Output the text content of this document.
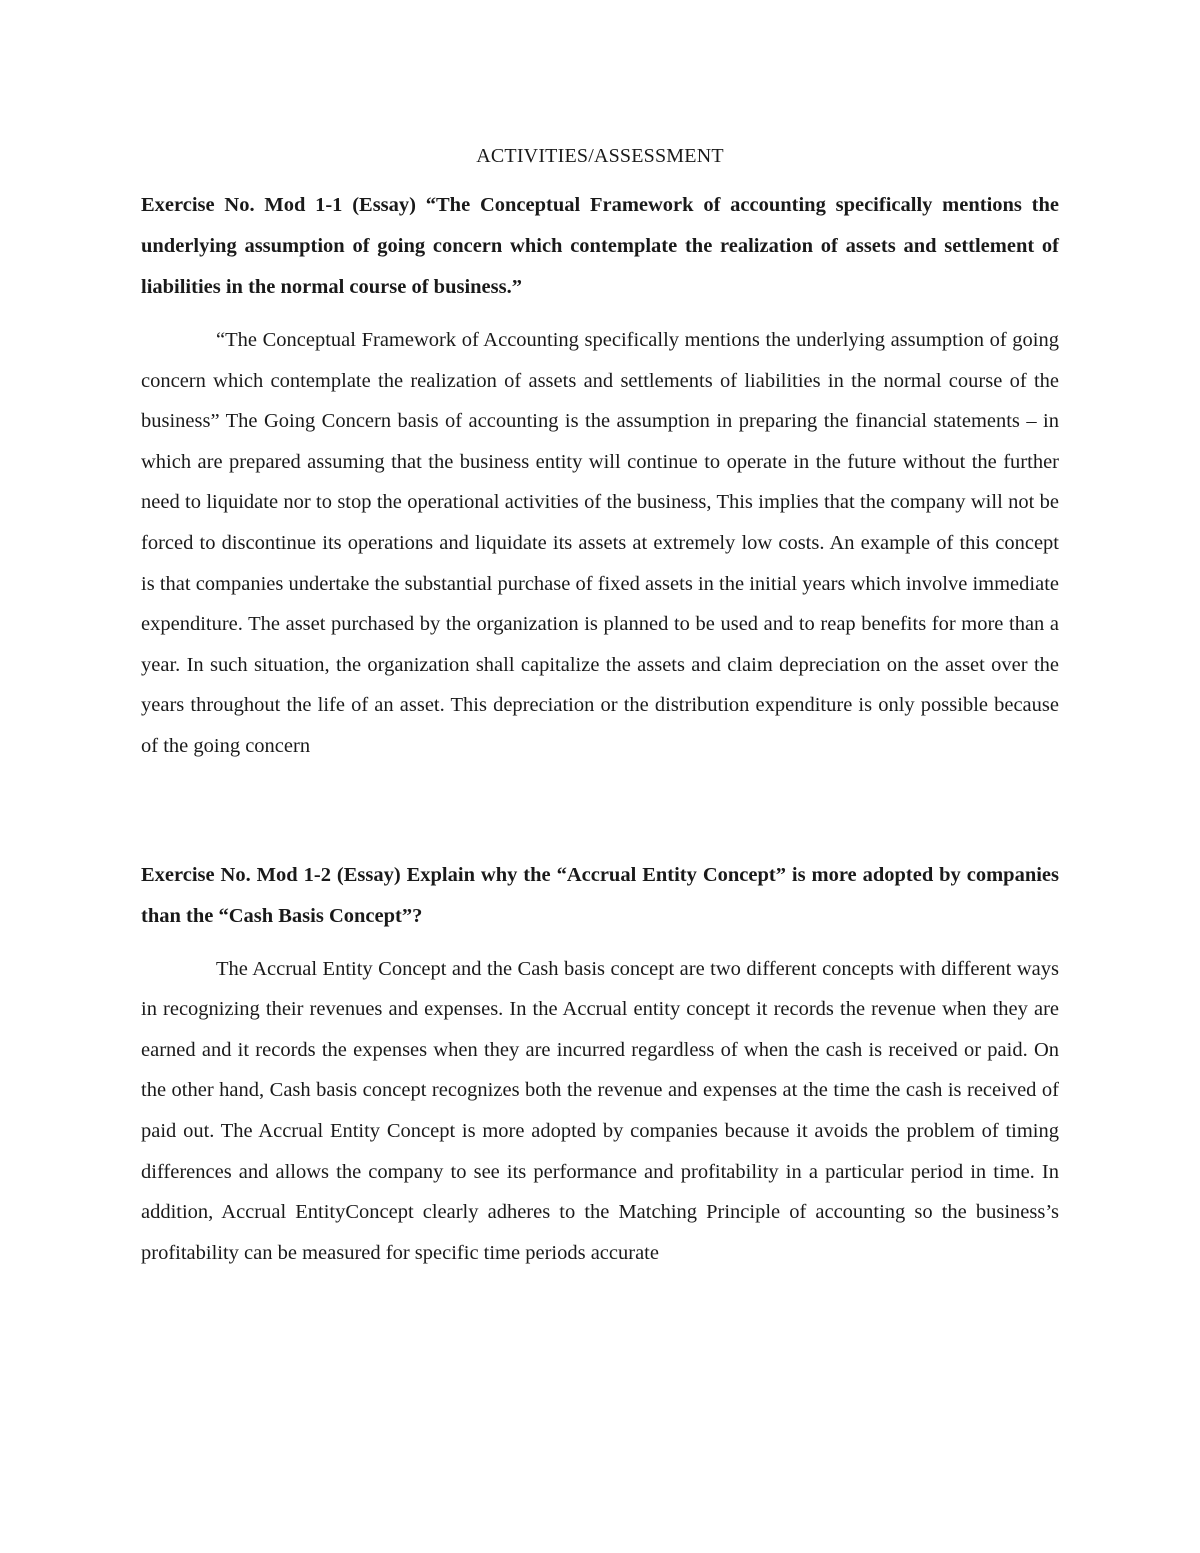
ACTIVITIES/ASSESSMENT

Exercise No. Mod 1-1 (Essay) “The Conceptual Framework of accounting specifically mentions the underlying assumption of going concern which contemplate the realization of assets and settlement of liabilities in the normal course of business.”

“The Conceptual Framework of Accounting specifically mentions the underlying assumption of going concern which contemplate the realization of assets and settlements of liabilities in the normal course of the business” The Going Concern basis of accounting is the assumption in preparing the financial statements – in which are prepared assuming that the business entity will continue to operate in the future without the further need to liquidate nor to stop the operational activities of the business, This implies that the company will not be forced to discontinue its operations and liquidate its assets at extremely low costs. An example of this concept is that companies undertake the substantial purchase of fixed assets in the initial years which involve immediate expenditure. The asset purchased by the organization is planned to be used and to reap benefits for more than a year. In such situation, the organization shall capitalize the assets and claim depreciation on the asset over the years throughout the life of an asset. This depreciation or the distribution expenditure is only possible because of the going concern

Exercise No. Mod 1-2 (Essay) Explain why the “Accrual Entity Concept” is more adopted by companies than the “Cash Basis Concept”?

The Accrual Entity Concept and the Cash basis concept are two different concepts with different ways in recognizing their revenues and expenses. In the Accrual entity concept it records the revenue when they are earned and it records the expenses when they are incurred regardless of when the cash is received or paid. On the other hand, Cash basis concept recognizes both the revenue and expenses at the time the cash is received of paid out. The Accrual Entity Concept is more adopted by companies because it avoids the problem of timing differences and allows the company to see its performance and profitability in a particular period in time. In addition, Accrual EntityConcept clearly adheres to the Matching Principle of accounting so the business’s profitability can be measured for specific time periods accurate
